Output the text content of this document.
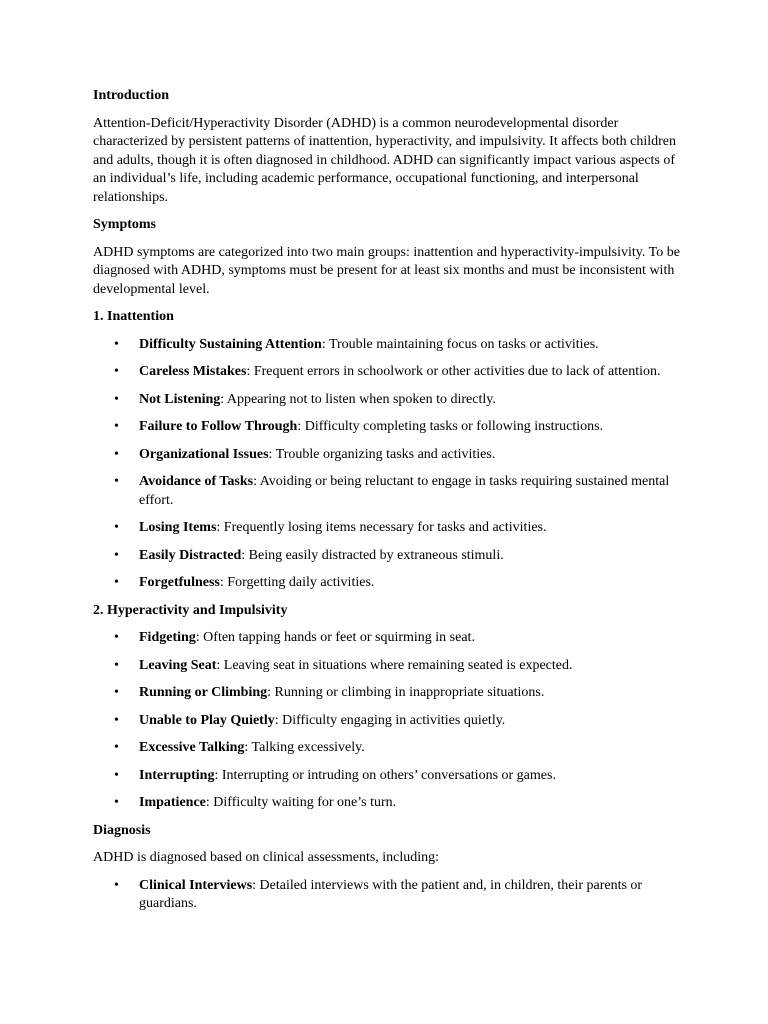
Introduction

Attention-Deficit/Hyperactivity Disorder (ADHD) is a common neurodevelopmental disorder characterized by persistent patterns of inattention, hyperactivity, and impulsivity. It affects both children and adults, though it is often diagnosed in childhood. ADHD can significantly impact various aspects of an individual’s life, including academic performance, occupational functioning, and interpersonal relationships.

Symptoms

ADHD symptoms are categorized into two main groups: inattention and hyperactivity-impulsivity. To be diagnosed with ADHD, symptoms must be present for at least six months and must be inconsistent with developmental level.

1. Inattention
• Difficulty Sustaining Attention: Trouble maintaining focus on tasks or activities.
• Careless Mistakes: Frequent errors in schoolwork or other activities due to lack of attention.
• Not Listening: Appearing not to listen when spoken to directly.
• Failure to Follow Through: Difficulty completing tasks or following instructions.
• Organizational Issues: Trouble organizing tasks and activities.
• Avoidance of Tasks: Avoiding or being reluctant to engage in tasks requiring sustained mental effort.
• Losing Items: Frequently losing items necessary for tasks and activities.
• Easily Distracted: Being easily distracted by extraneous stimuli.
• Forgetfulness: Forgetting daily activities.
2. Hyperactivity and Impulsivity
• Fidgeting: Often tapping hands or feet or squirming in seat.
• Leaving Seat: Leaving seat in situations where remaining seated is expected.
• Running or Climbing: Running or climbing in inappropriate situations.
• Unable to Play Quietly: Difficulty engaging in activities quietly.
• Excessive Talking: Talking excessively.
• Interrupting: Interrupting or intruding on others’ conversations or games.
• Impatience: Difficulty waiting for one’s turn.
Diagnosis

ADHD is diagnosed based on clinical assessments, including:

• Clinical Interviews: Detailed interviews with the patient and, in children, their parents or guardians.
